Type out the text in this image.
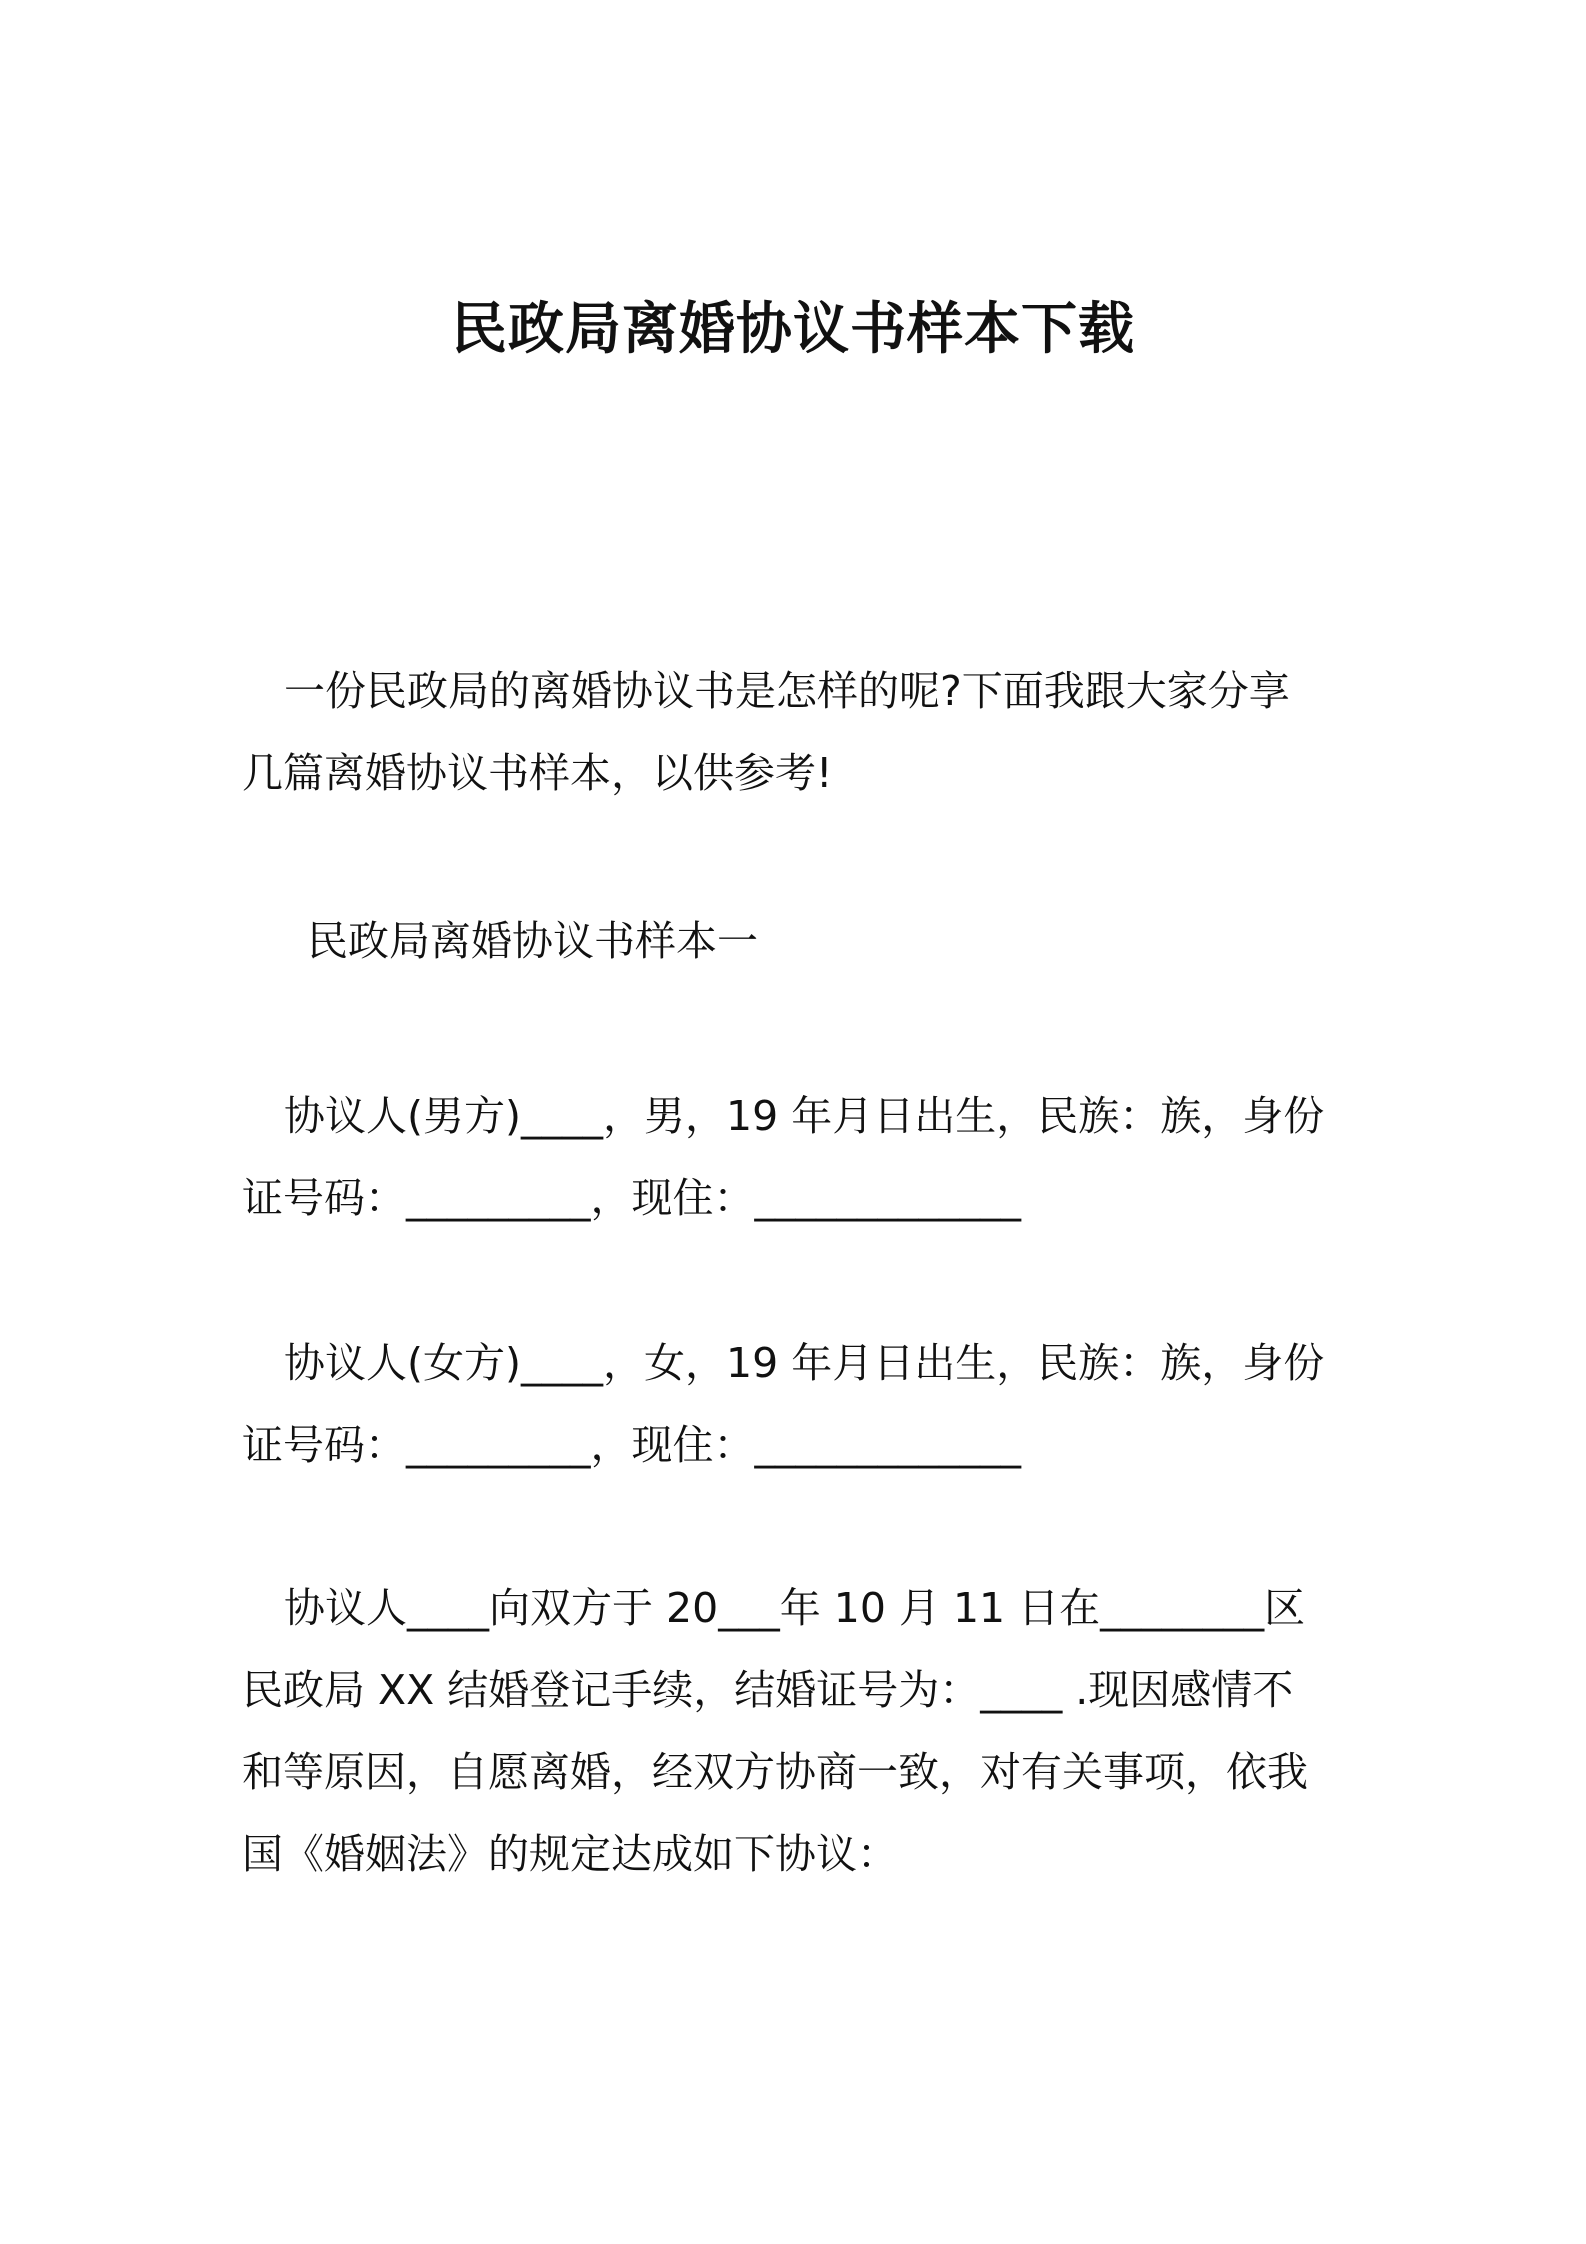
民政局离婚协议书样本下载
一份民政局的离婚协议书是怎样的呢?下面我跟大家分享
几篇离婚协议书样本，以供参考!
民政局离婚协议书样本一
协议人(男方)____，男，19 年月日出生，民族：族，身份
证号码：_________，现住：_____________
协议人(女方)____，女，19 年月日出生，民族：族，身份
证号码：_________，现住：_____________
协议人____向双方于 20___年 10 月 11 日在________区
民政局 XX 结婚登记手续，结婚证号为：____ .现因感情不
和等原因，自愿离婚，经双方协商一致，对有关事项，依我
国《婚姻法》的规定达成如下协议：
